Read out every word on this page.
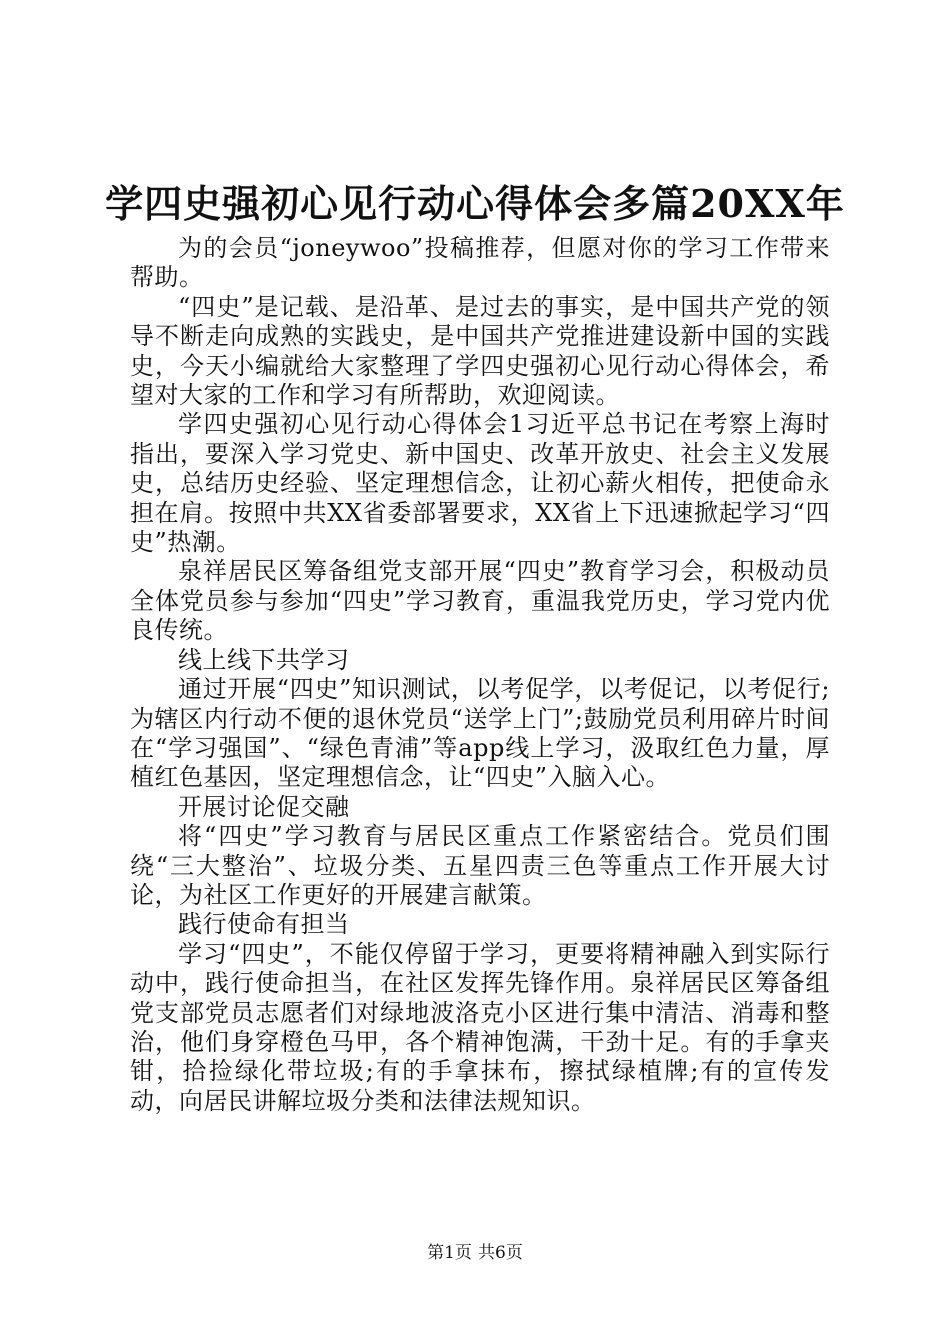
学四史强初心见行动心得体会多篇20XX年

为的会员“joneywoo”投稿推荐，但愿对你的学习工作带来帮助。

“四史”是记载、是沿革、是过去的事实，是中国共产党的领导不断走向成熟的实践史，是中国共产党推进建设新中国的实践史，今天小编就给大家整理了学四史强初心见行动心得体会，希望对大家的工作和学习有所帮助，欢迎阅读。

学四史强初心见行动心得体会1习近平总书记在考察上海时指出，要深入学习党史、新中国史、改革开放史、社会主义发展史，总结历史经验、坚定理想信念，让初心薪火相传，把使命永担在肩。按照中共XX省委部署要求，XX省上下迅速掀起学习“四史”热潮。

泉祥居民区筹备组党支部开展“四史”教育学习会，积极动员全体党员参与参加“四史”学习教育，重温我党历史，学习党内优良传统。

线上线下共学习

通过开展“四史”知识测试，以考促学，以考促记，以考促行;为辖区内行动不便的退休党员“送学上门”;鼓励党员利用碎片时间在“学习强国”、“绿色青浦”等app线上学习，汲取红色力量，厚植红色基因，坚定理想信念，让“四史”入脑入心。

开展讨论促交融

将“四史”学习教育与居民区重点工作紧密结合。党员们围绕“三大整治”、垃圾分类、五星四责三色等重点工作开展大讨论，为社区工作更好的开展建言献策。

践行使命有担当

学习“四史”，不能仅停留于学习，更要将精神融入到实际行动中，践行使命担当，在社区发挥先锋作用。泉祥居民区筹备组党支部党员志愿者们对绿地波洛克小区进行集中清洁、消毒和整治，他们身穿橙色马甲，各个精神饱满，干劲十足。有的手拿夹钳，拾捡绿化带垃圾;有的手拿抹布，擦拭绿植牌;有的宣传发动，向居民讲解垃圾分类和法律法规知识。

第1页 共6页
